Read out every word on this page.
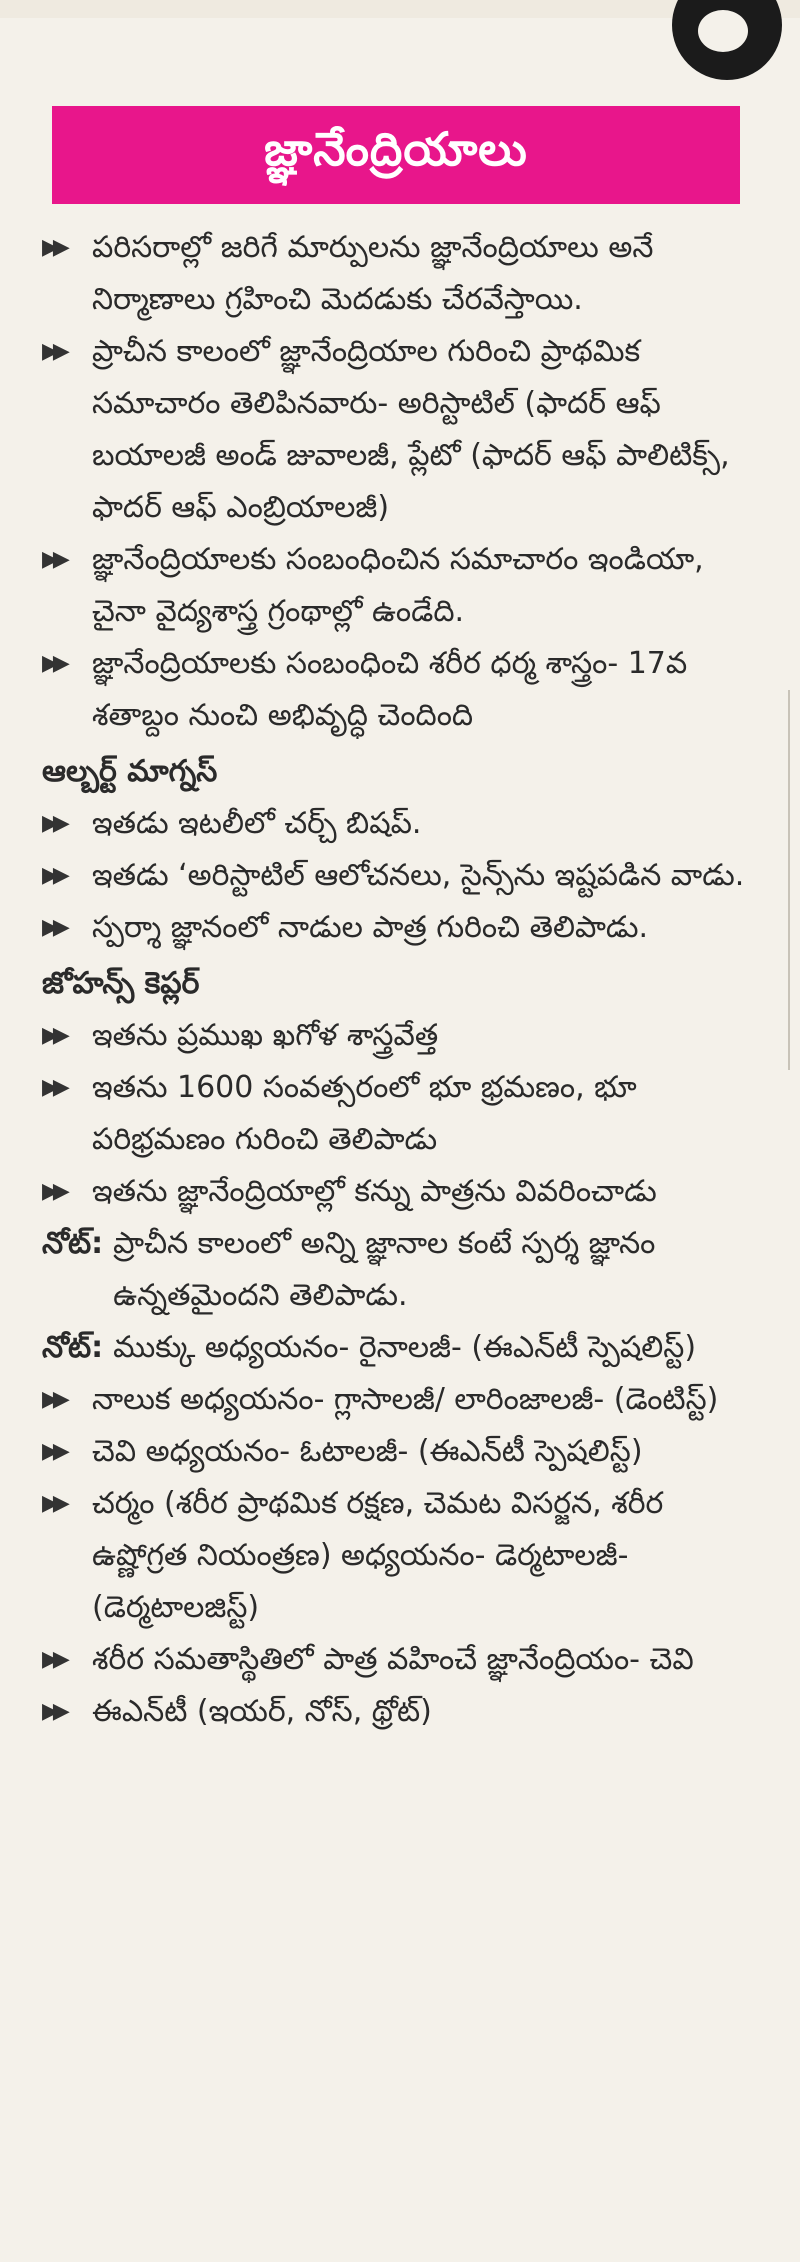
జ్ఞానేంద్రియాలు
▶▶ పరిసరాల్లో జరిగే మార్పులను జ్ఞానేంద్రియాలు అనే నిర్మాణాలు గ్రహించి మెదడుకు చేరవేస్తాయి.
▶▶ ప్రాచీన కాలంలో జ్ఞానేంద్రియాల గురించి ప్రాథమిక సమాచారం తెలిపినవారు- అరిస్టాటిల్ (ఫాదర్ ఆఫ్ బయాలజీ అండ్ జువాలజీ, ప్లేటో (ఫాదర్ ఆఫ్ పాలిటిక్స్, ఫాదర్ ఆఫ్ ఎంబ్రియాలజీ)
▶▶ జ్ఞానేంద్రియాలకు సంబంధించిన సమాచారం ఇండియా, చైనా వైద్యశాస్త్ర గ్రంథాల్లో ఉండేది.
▶▶ జ్ఞానేంద్రియాలకు సంబంధించి శరీర ధర్మ శాస్త్రం- 17వ శతాబ్దం నుంచి అభివృద్ధి చెందింది
ఆల్బర్ట్ మాగ్నస్
▶▶ ఇతడు ఇటలీలో చర్చ్ బిషప్.
▶▶ ఇతడు ‘అరిస్టాటిల్ ఆలోచనలు, సైన్స్‌ను ఇష్టపడిన వాడు.
▶▶ స్పర్శా జ్ఞానంలో నాడుల పాత్ర గురించి తెలిపాడు.
జోహన్స్ కెప్లర్
▶▶ ఇతను ప్రముఖ ఖగోళ శాస్త్రవేత్త
▶▶ ఇతను 1600 సంవత్సరంలో భూ భ్రమణం, భూ పరిభ్రమణం గురించి తెలిపాడు
▶▶ ఇతను జ్ఞానేంద్రియాల్లో కన్ను పాత్రను వివరించాడు
నోట్: ప్రాచీన కాలంలో అన్ని జ్ఞానాల కంటే స్పర్శ జ్ఞానం ఉన్నతమైందని తెలిపాడు.
నోట్: ముక్కు అధ్యయనం- రైనాలజీ- (ఈఎన్‌టీ స్పెషలిస్ట్)
▶▶ నాలుక అధ్యయనం- గ్లాసాలజీ/ లారింజాలజీ- (డెంటిస్ట్)
▶▶ చెవి అధ్యయనం- ఓటాలజీ- (ఈఎన్‌టీ స్పెషలిస్ట్)
▶▶ చర్మం (శరీర ప్రాథమిక రక్షణ, చెమట విసర్జన, శరీర ఉష్ణోగ్రత నియంత్రణ) అధ్యయనం- డెర్మటాలజీ- (డెర్మటాలజిస్ట్)
▶▶ శరీర సమతాస్థితిలో పాత్ర వహించే జ్ఞానేంద్రియం- చెవి
▶▶ ఈఎన్‌టీ (ఇయర్, నోస్, థ్రోట్)
